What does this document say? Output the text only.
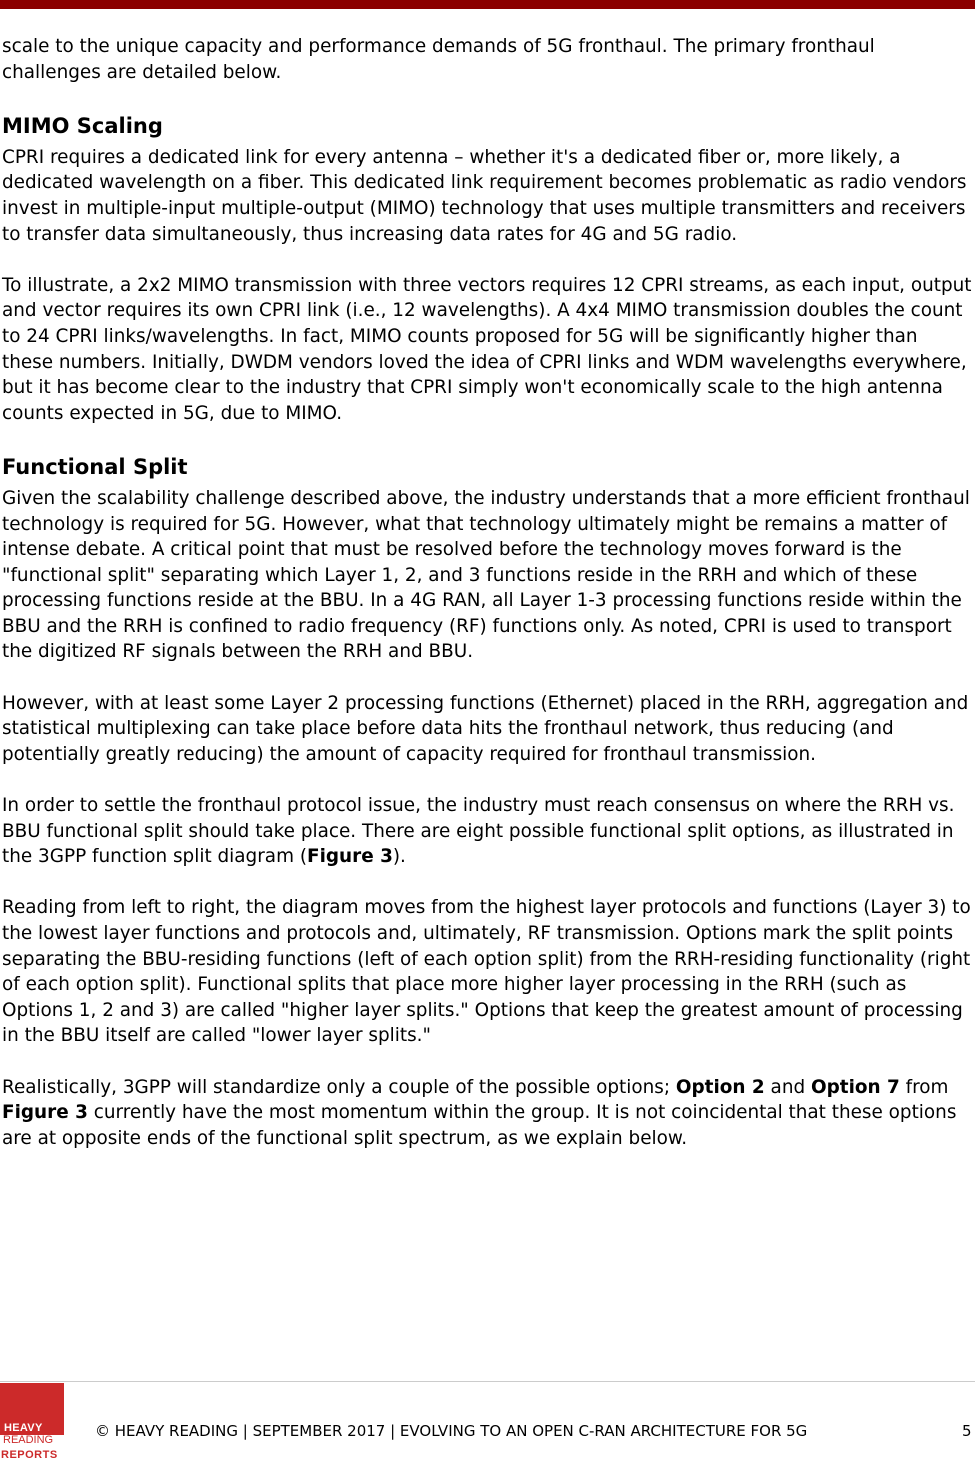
scale to the unique capacity and performance demands of 5G fronthaul. The primary fronthaul challenges are detailed below.

MIMO Scaling

CPRI requires a dedicated link for every antenna – whether it's a dedicated fiber or, more likely, a dedicated wavelength on a fiber. This dedicated link requirement becomes problematic as radio vendors invest in multiple-input multiple-output (MIMO) technology that uses multiple transmitters and receivers to transfer data simultaneously, thus increasing data rates for 4G and 5G radio.

To illustrate, a 2x2 MIMO transmission with three vectors requires 12 CPRI streams, as each input, output and vector requires its own CPRI link (i.e., 12 wavelengths). A 4x4 MIMO transmission doubles the count to 24 CPRI links/wavelengths. In fact, MIMO counts proposed for 5G will be significantly higher than these numbers. Initially, DWDM vendors loved the idea of CPRI links and WDM wavelengths everywhere, but it has become clear to the industry that CPRI simply won't economically scale to the high antenna counts expected in 5G, due to MIMO.

Functional Split

Given the scalability challenge described above, the industry understands that a more efficient fronthaul technology is required for 5G. However, what that technology ultimately might be remains a matter of intense debate. A critical point that must be resolved before the technology moves forward is the "functional split" separating which Layer 1, 2, and 3 functions reside in the RRH and which of these processing functions reside at the BBU. In a 4G RAN, all Layer 1-3 processing functions reside within the BBU and the RRH is confined to radio frequency (RF) functions only. As noted, CPRI is used to transport the digitized RF signals between the RRH and BBU.

However, with at least some Layer 2 processing functions (Ethernet) placed in the RRH, aggregation and statistical multiplexing can take place before data hits the fronthaul network, thus reducing (and potentially greatly reducing) the amount of capacity required for fronthaul transmission.

In order to settle the fronthaul protocol issue, the industry must reach consensus on where the RRH vs. BBU functional split should take place. There are eight possible functional split options, as illustrated in the 3GPP function split diagram (Figure 3).

Reading from left to right, the diagram moves from the highest layer protocols and functions (Layer 3) to the lowest layer functions and protocols and, ultimately, RF transmission. Options mark the split points separating the BBU-residing functions (left of each option split) from the RRH-residing functionality (right of each option split). Functional splits that place more higher layer processing in the RRH (such as Options 1, 2 and 3) are called "higher layer splits." Options that keep the greatest amount of processing in the BBU itself are called "lower layer splits."

Realistically, 3GPP will standardize only a couple of the possible options; Option 2 and Option 7 from Figure 3 currently have the most momentum within the group. It is not coincidental that these options are at opposite ends of the functional split spectrum, as we explain below.

HEAVY
READING
REPORTS
© HEAVY READING | SEPTEMBER 2017 | EVOLVING TO AN OPEN C-RAN ARCHITECTURE FOR 5G	5
